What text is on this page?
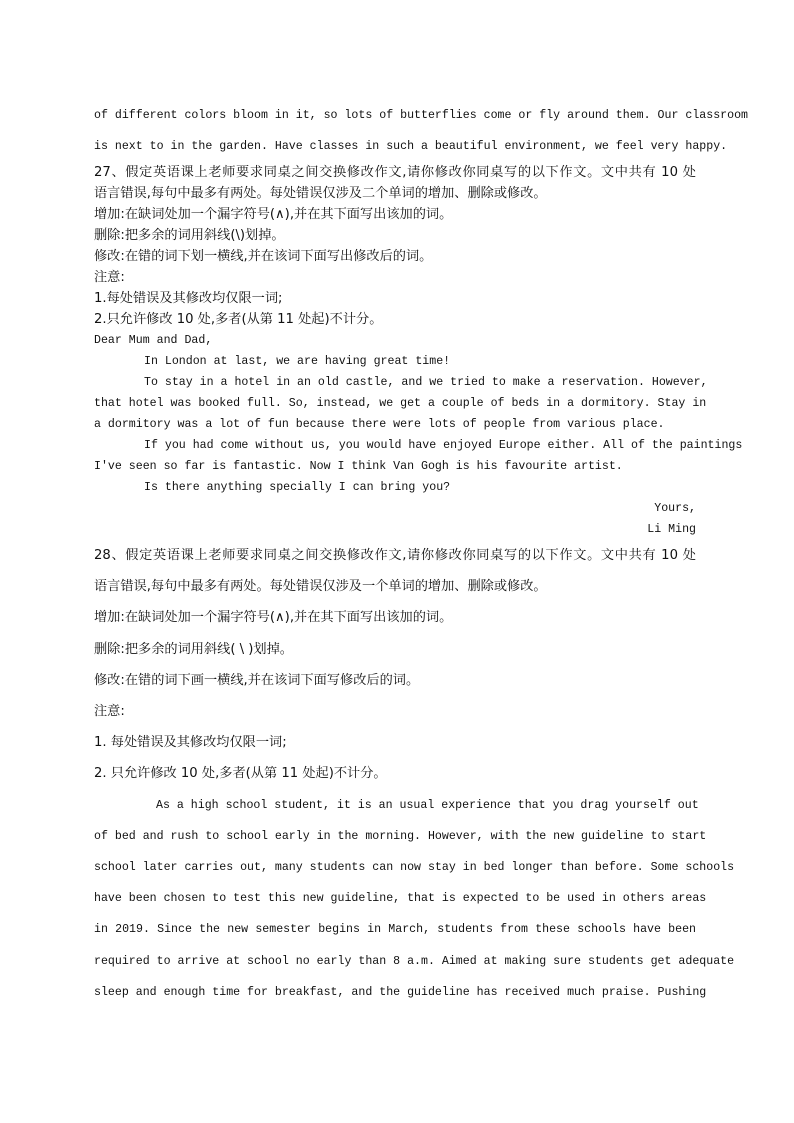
of different colors bloom in it, so lots of butterflies come or fly around them. Our classroom
is next to in the garden. Have classes in such a beautiful environment, we feel very happy.
27、假定英语课上老师要求同桌之间交换修改作文,请你修改你同桌写的以下作文。文中共有 10 处
语言错误,每句中最多有两处。每处错误仅涉及二个单词的增加、删除或修改。
增加:在缺词处加一个漏字符号(∧),并在其下面写出该加的词。
删除:把多余的词用斜线(\)划掉。
修改:在错的词下划一横线,并在该词下面写出修改后的词。
注意:
1.每处错误及其修改均仅限一词;
2.只允许修改 10 处,多者(从第 11 处起)不计分。
Dear Mum and Dad,
In London at last, we are having great time!
To stay in a hotel in an old castle, and we tried to make a reservation. However,
that hotel was booked full. So, instead, we get a couple of beds in a dormitory. Stay in
a dormitory was a lot of fun because there were lots of people from various place.
If you had come without us, you would have enjoyed Europe either. All of the paintings
I've seen so far is fantastic. Now I think Van Gogh is his favourite artist.
Is there anything specially I can bring you?
Yours,
Li Ming
28、假定英语课上老师要求同桌之间交换修改作文,请你修改你同桌写的以下作文。文中共有 10 处
语言错误,每句中最多有两处。每处错误仅涉及一个单词的增加、删除或修改。
增加:在缺词处加一个漏字符号(∧),并在其下面写出该加的词。
删除:把多余的词用斜线( \ )划掉。
修改:在错的词下画一横线,并在该词下面写修改后的词。
注意:
1. 每处错误及其修改均仅限一词;
2. 只允许修改 10 处,多者(从第 11 处起)不计分。
As a high school student, it is an usual experience that you drag yourself out
of bed and rush to school early in the morning. However, with the new guideline to start
school later carries out, many students can now stay in bed longer than before. Some schools
have been chosen to test this new guideline, that is expected to be used in others areas
in 2019. Since the new semester begins in March, students from these schools have been
required to arrive at school no early than 8 a.m. Aimed at making sure students get adequate
sleep and enough time for breakfast, and the guideline has received much praise. Pushing
